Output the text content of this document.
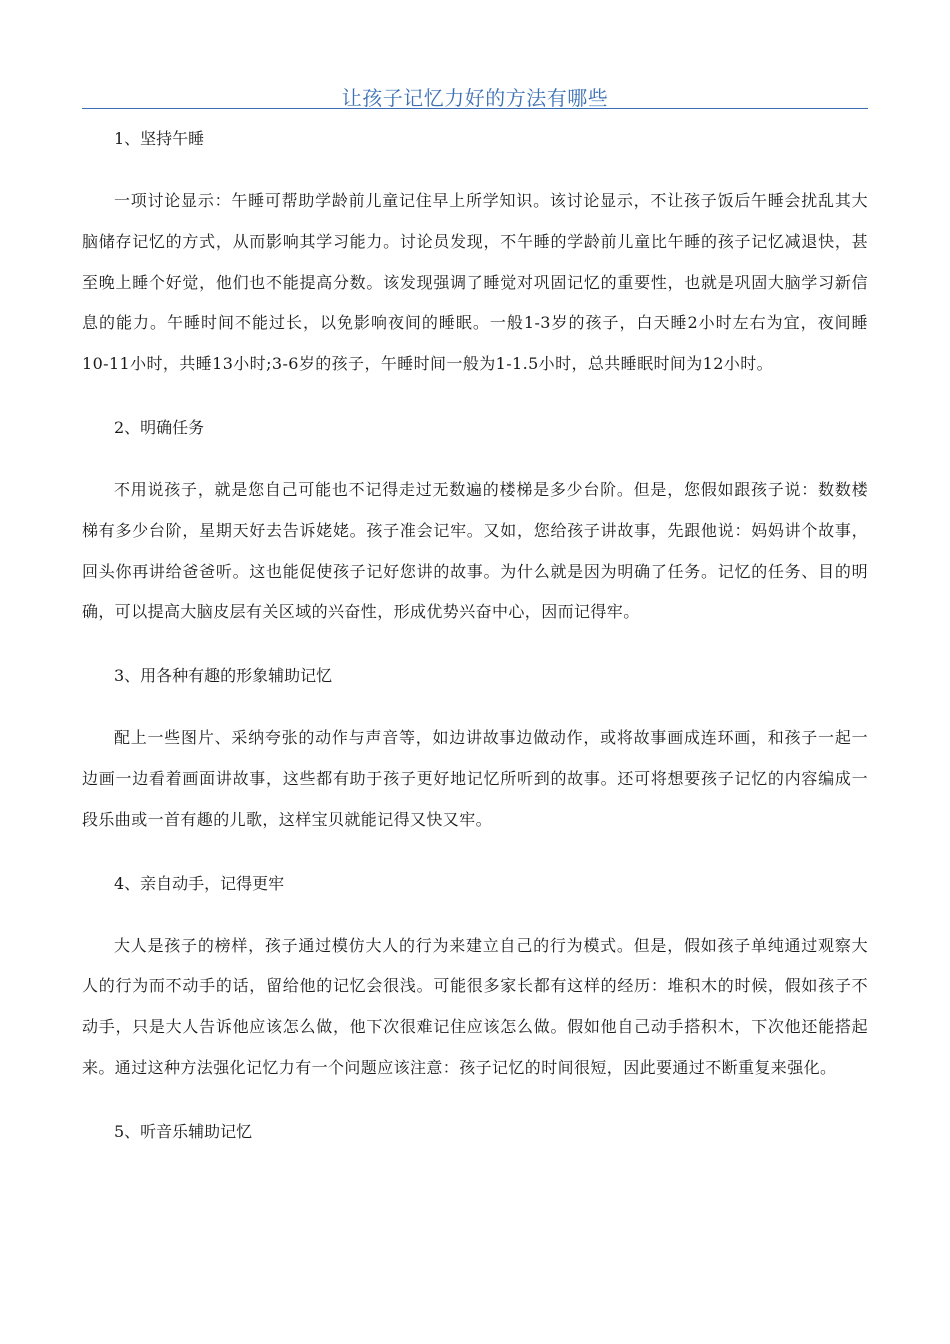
让孩子记忆力好的方法有哪些

1、坚持午睡

一项讨论显示：午睡可帮助学龄前儿童记住早上所学知识。该讨论显示，不让孩子饭后午睡会扰乱其大脑储存记忆的方式，从而影响其学习能力。讨论员发现，不午睡的学龄前儿童比午睡的孩子记忆减退快，甚至晚上睡个好觉，他们也不能提高分数。该发现强调了睡觉对巩固记忆的重要性，也就是巩固大脑学习新信息的能力。午睡时间不能过长，以免影响夜间的睡眠。一般1-3岁的孩子，白天睡2小时左右为宜，夜间睡10-11小时，共睡13小时;3-6岁的孩子，午睡时间一般为1-1.5小时，总共睡眠时间为12小时。

2、明确任务

不用说孩子，就是您自己可能也不记得走过无数遍的楼梯是多少台阶。但是，您假如跟孩子说：数数楼梯有多少台阶，星期天好去告诉姥姥。孩子准会记牢。又如，您给孩子讲故事，先跟他说：妈妈讲个故事，回头你再讲给爸爸听。这也能促使孩子记好您讲的故事。为什么就是因为明确了任务。记忆的任务、目的明确，可以提高大脑皮层有关区域的兴奋性，形成优势兴奋中心，因而记得牢。

3、用各种有趣的形象辅助记忆

配上一些图片、采纳夸张的动作与声音等，如边讲故事边做动作，或将故事画成连环画，和孩子一起一边画一边看着画面讲故事，这些都有助于孩子更好地记忆所听到的故事。还可将想要孩子记忆的内容编成一段乐曲或一首有趣的儿歌，这样宝贝就能记得又快又牢。

4、亲自动手，记得更牢

大人是孩子的榜样，孩子通过模仿大人的行为来建立自己的行为模式。但是，假如孩子单纯通过观察大人的行为而不动手的话，留给他的记忆会很浅。可能很多家长都有这样的经历：堆积木的时候，假如孩子不动手，只是大人告诉他应该怎么做，他下次很难记住应该怎么做。假如他自己动手搭积木，下次他还能搭起来。通过这种方法强化记忆力有一个问题应该注意：孩子记忆的时间很短，因此要通过不断重复来强化。

5、听音乐辅助记忆
